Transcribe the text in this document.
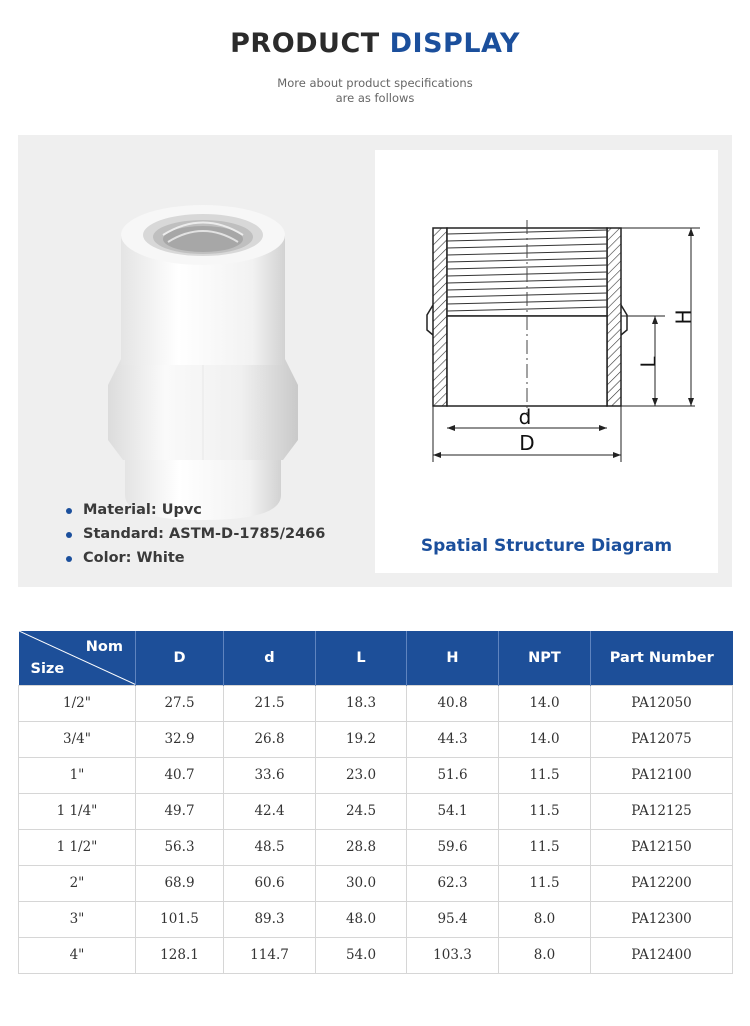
PRODUCT DISPLAY
More about product specifications
are as follows
Material: Upvc
Standard: ASTM-D-1785/2466
Color: White
d
D
L
H
Spatial Structure Diagram
Nom
Size	D	d	L	H	NPT	Part Number
1/2"	27.5	21.5	18.3	40.8	14.0	PA12050
3/4"	32.9	26.8	19.2	44.3	14.0	PA12075
1"	40.7	33.6	23.0	51.6	11.5	PA12100
1 1/4"	49.7	42.4	24.5	54.1	11.5	PA12125
1 1/2"	56.3	48.5	28.8	59.6	11.5	PA12150
2"	68.9	60.6	30.0	62.3	11.5	PA12200
3"	101.5	89.3	48.0	95.4	8.0	PA12300
4"	128.1	114.7	54.0	103.3	8.0	PA12400
